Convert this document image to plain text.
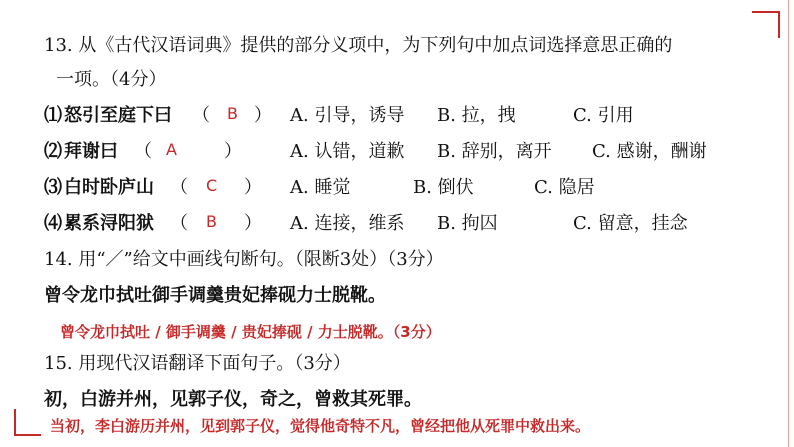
13. 从《古代汉语词典》提供的部分义项中，为下列句中加点词选择意思正确的
一项。（4分）
⑴ 怒引至庭下曰 （ B ） A. 引导，诱导 B. 拉，拽	C. 引用
⑵ 拜谢曰 （ A	）	A. 认错，道歉 B. 辞别，离开 C. 感谢，酬谢
⑶ 白时卧庐山 （ C ） A. 睡觉	B. 倒伏	C. 隐居
⑷ 累系浔阳狱 （ B ） A. 连接，维系 B. 拘囚	C. 留意，挂念
14. 用“／”给文中画线句断句。（限断3处）（3分）
曾令龙巾拭吐御手调羹贵妃捧砚力士脱靴。
曾令龙巾拭吐 / 御手调羹 / 贵妃捧砚 / 力士脱靴。（3分）
15. 用现代汉语翻译下面句子。（3分）
初，白游并州，见郭子仪，奇之，曾救其死罪。
当初，李白游历并州，见到郭子仪，觉得他奇特不凡，曾经把他从死罪中救出来。
